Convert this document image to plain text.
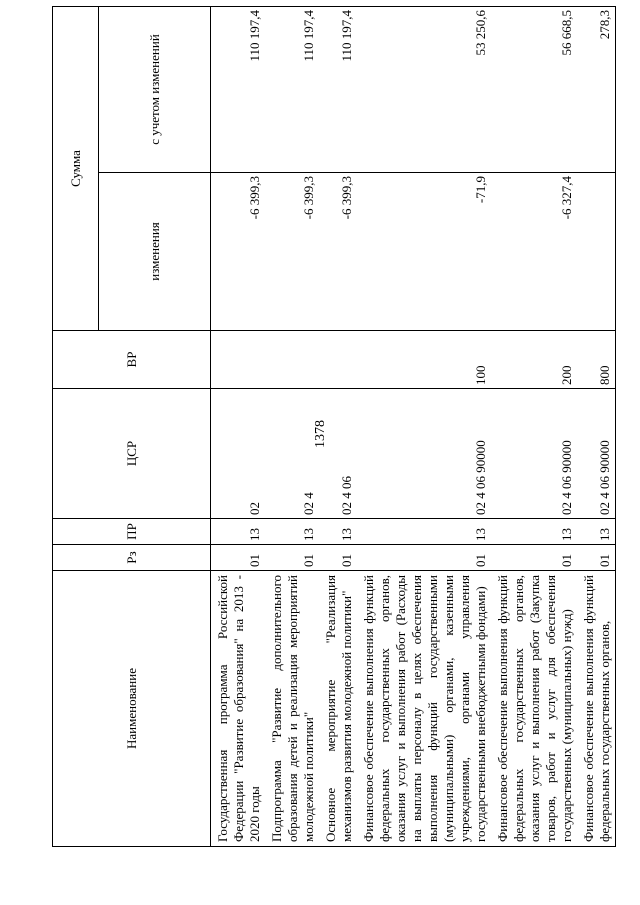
1378
Наименование	Рз	ПР	ЦСР	ВР	Сумма	
					изменения	с учетом изменений
Государственная программа Российской Федерации "Развитие образования" на 2013 - 2020 годы	01	13	02		-6 399,3	110 197,4
Подпрограмма "Развитие дополнительного образования детей и реализация мероприятий молодежной политики"	01	13	02 4		-6 399,3	110 197,4
Основное мероприятие "Реализация механизмов развития молодежной политики"	01	13	02 4 06		-6 399,3	110 197,4
Финансовое обеспечение выполнения функций федеральных государственных органов, оказания услуг и выполнения работ (Расходы на выплаты персоналу в целях обеспечения выполнения функций государственными (муниципальными) органами, казенными учреждениями, органами управления государственными внебюджетными фондами)	01	13	02 4 06 90000	100	-71,9	53 250,6
Финансовое обеспечение выполнения функций федеральных государственных органов, оказания услуг и выполнения работ (Закупка товаров, работ и услуг для обеспечения государственных (муниципальных) нужд)	01	13	02 4 06 90000	200	-6 327,4	56 668,5
Финансовое обеспечение выполнения функций федеральных государственных органов,	01	13	02 4 06 90000	800		278,3
